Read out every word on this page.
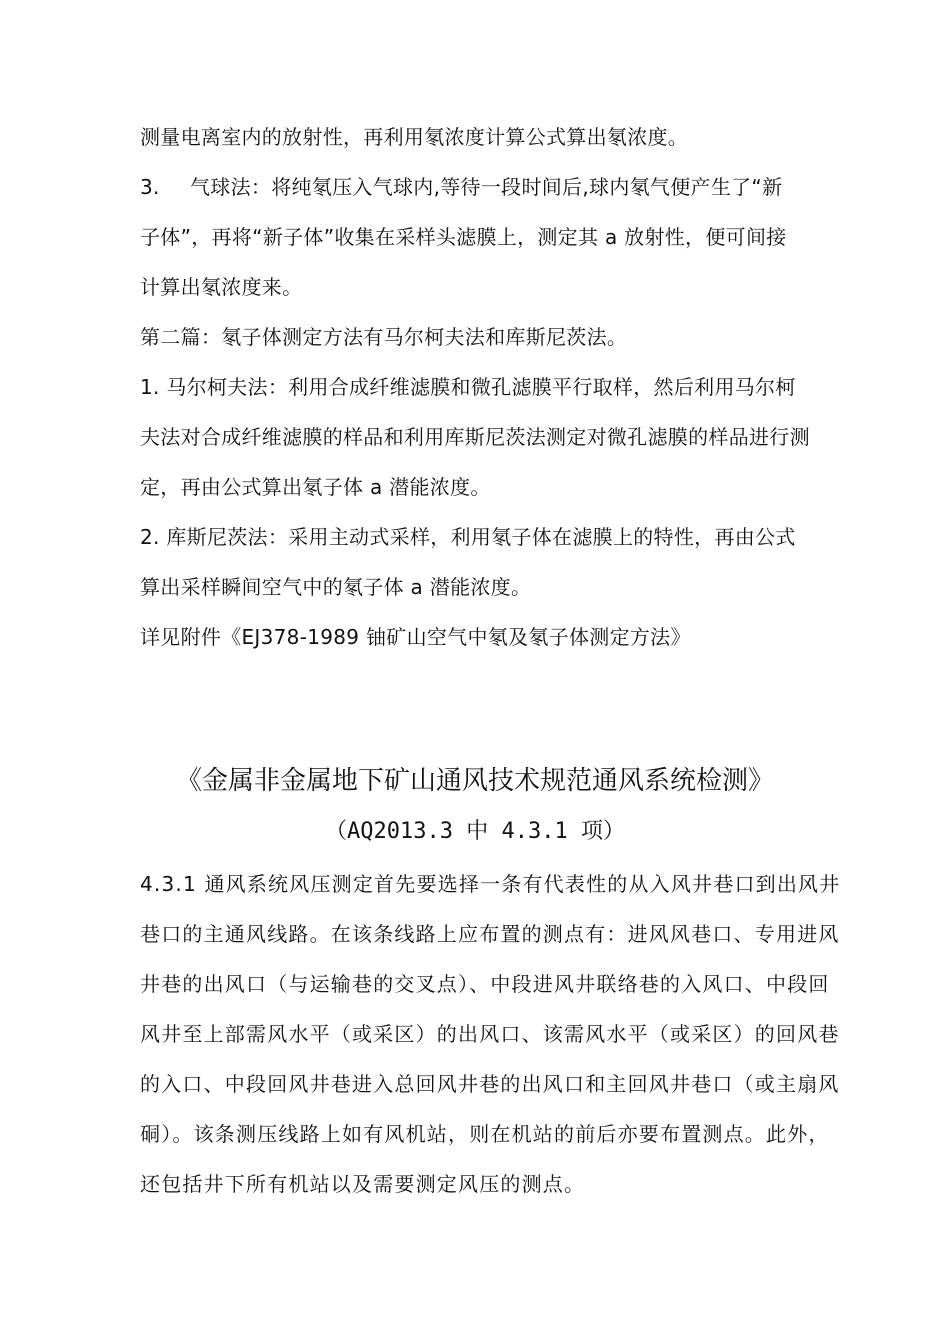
测量电离室内的放射性，再利用氡浓度计算公式算出氡浓度。
3. 气球法：将纯氡压入气球内,等待一段时间后,球内氡气便产生了“新
子体”，再将“新子体”收集在采样头滤膜上，测定其 a 放射性，便可间接
计算出氡浓度来。
第二篇：氡子体测定方法有马尔柯夫法和库斯尼茨法。
1. 马尔柯夫法：利用合成纤维滤膜和微孔滤膜平行取样，然后利用马尔柯
夫法对合成纤维滤膜的样品和利用库斯尼茨法测定对微孔滤膜的样品进行测
定，再由公式算出氡子体 a 潜能浓度。
2. 库斯尼茨法：采用主动式采样，利用氡子体在滤膜上的特性，再由公式
算出采样瞬间空气中的氡子体 a 潜能浓度。
详见附件《EJ378-1989 铀矿山空气中氡及氡子体测定方法》
《金属非金属地下矿山通风技术规范通风系统检测》
（AQ2013.3 中 4.3.1 项）
4.3.1 通风系统风压测定首先要选择一条有代表性的从入风井巷口到出风井
巷口的主通风线路。在该条线路上应布置的测点有：进风风巷口、专用进风
井巷的出风口（与运输巷的交叉点）、中段进风井联络巷的入风口、中段回
风井至上部需风水平（或采区）的出风口、该需风水平（或采区）的回风巷
的入口、中段回风井巷进入总回风井巷的出风口和主回风井巷口（或主扇风
硐）。该条测压线路上如有风机站，则在机站的前后亦要布置测点。此外，
还包括井下所有机站以及需要测定风压的测点。
